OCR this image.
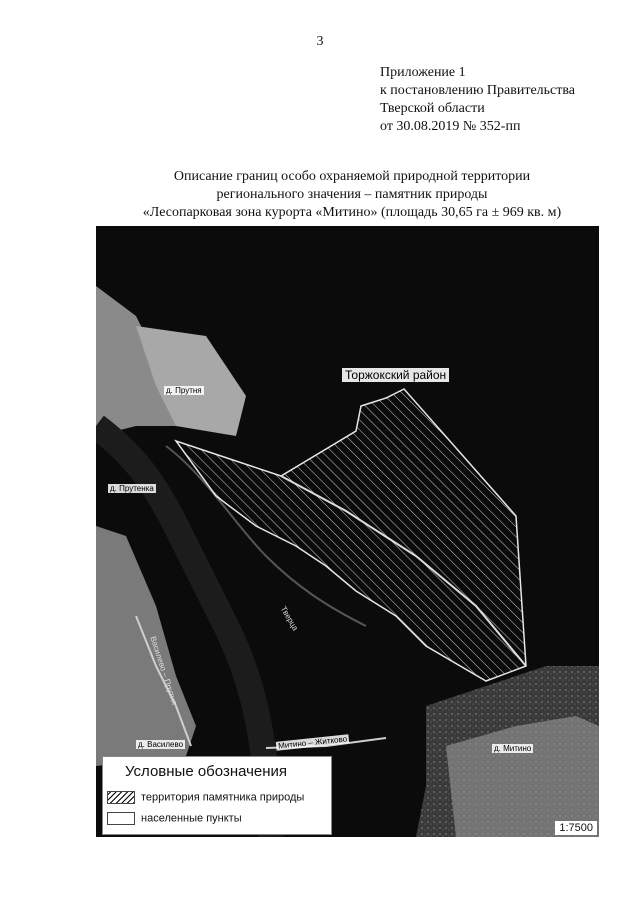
3
Приложение 1
к постановлению Правительства
Тверской области
от 30.08.2019 № 352-пп
Описание границ особо охраняемой природной территории
регионального значения – памятник природы
«Лесопарковая зона курорта «Митино» (площадь 30,65 га ± 969 кв. м)
Торжокский район
д. Прутня
д. Прутенка
д. Василево	д. Митино
Тверца
Василево – Прутня
Митино – Житково
Условные обозначения
территория памятника природы
населенные пункты
1:7500
